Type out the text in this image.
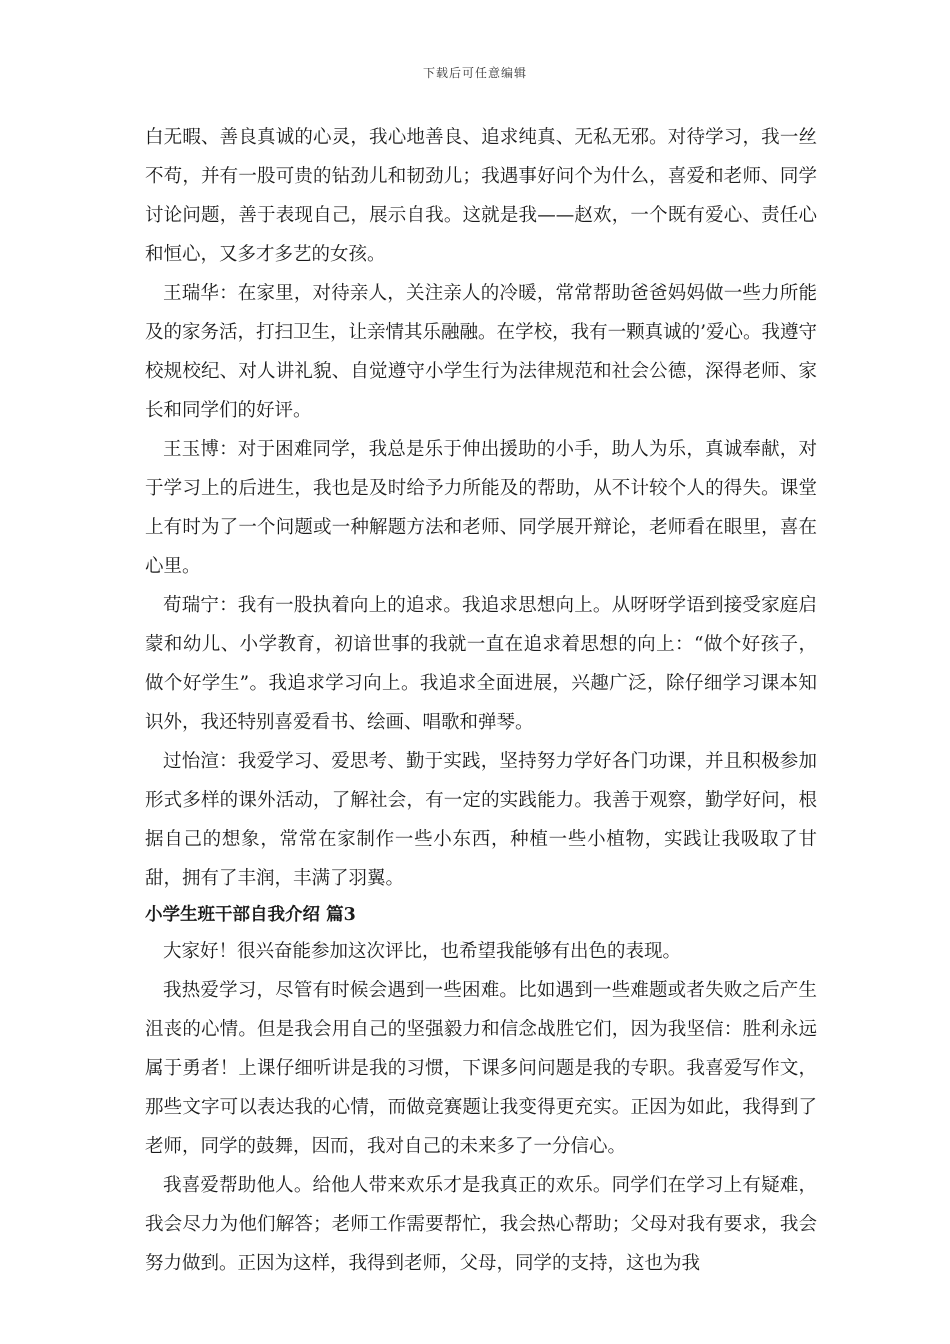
下载后可任意编辑

白无暇、善良真诚的心灵，我心地善良、追求纯真、无私无邪。对待学习，我一丝不苟，并有一股可贵的钻劲儿和韧劲儿；我遇事好问个为什么，喜爱和老师、同学讨论问题，善于表现自己，展示自我。这就是我——赵欢，一个既有爱心、责任心和恒心，又多才多艺的女孩。

王瑞华：在家里，对待亲人，关注亲人的冷暖，常常帮助爸爸妈妈做一些力所能及的家务活，打扫卫生，让亲情其乐融融。在学校，我有一颗真诚的’爱心。我遵守校规校纪、对人讲礼貌、自觉遵守小学生行为法律规范和社会公德，深得老师、家长和同学们的好评。

王玉博：对于困难同学，我总是乐于伸出援助的小手，助人为乐，真诚奉献，对于学习上的后进生，我也是及时给予力所能及的帮助，从不计较个人的得失。课堂上有时为了一个问题或一种解题方法和老师、同学展开辩论，老师看在眼里，喜在心里。

荀瑞宁：我有一股执着向上的追求。我追求思想向上。从呀呀学语到接受家庭启蒙和幼儿、小学教育，初谙世事的我就一直在追求着思想的向上：“做个好孩子，做个好学生”。我追求学习向上。我追求全面进展，兴趣广泛，除仔细学习课本知识外，我还特别喜爱看书、绘画、唱歌和弹琴。

过怡渲：我爱学习、爱思考、勤于实践，坚持努力学好各门功课，并且积极参加形式多样的课外活动，了解社会，有一定的实践能力。我善于观察，勤学好问，根据自己的想象，常常在家制作一些小东西，种植一些小植物，实践让我吸取了甘甜，拥有了丰润，丰满了羽翼。

小学生班干部自我介绍 篇3

大家好！很兴奋能参加这次评比，也希望我能够有出色的表现。

我热爱学习，尽管有时候会遇到一些困难。比如遇到一些难题或者失败之后产生沮丧的心情。但是我会用自己的坚强毅力和信念战胜它们，因为我坚信：胜利永远属于勇者！上课仔细听讲是我的习惯，下课多问问题是我的专职。我喜爱写作文，那些文字可以表达我的心情，而做竞赛题让我变得更充实。正因为如此，我得到了老师，同学的鼓舞，因而，我对自己的未来多了一分信心。

我喜爱帮助他人。给他人带来欢乐才是我真正的欢乐。同学们在学习上有疑难，我会尽力为他们解答；老师工作需要帮忙，我会热心帮助；父母对我有要求，我会努力做到。正因为这样，我得到老师，父母，同学的支持，这也为我
